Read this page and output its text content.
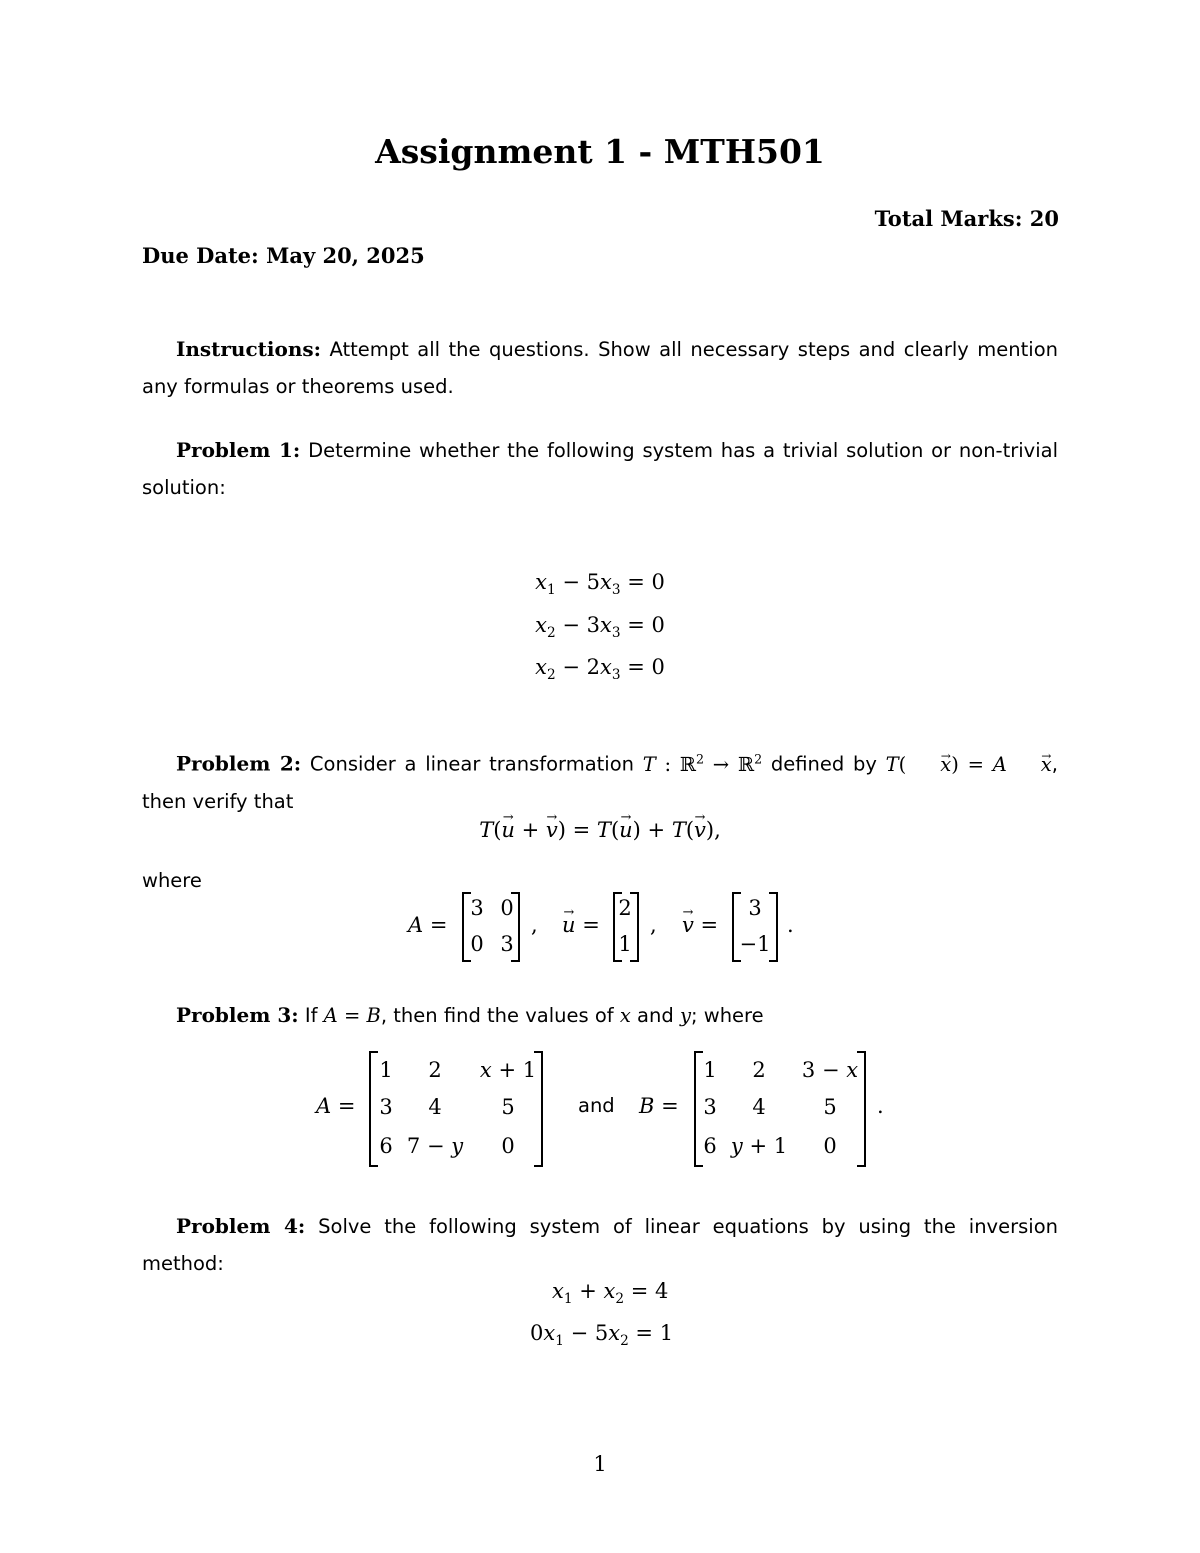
Assignment 1 - MTH501
Total Marks: 20
Due Date: May 20, 2025
Instructions: Attempt all the questions. Show all necessary steps and clearly mention any formulas or theorems used.
Problem 1: Determine whether the following system has a trivial solution or non-trivial solution:
$x_1 - 5x_3 = 0$
$x_2 - 3x_3 = 0$
$x_2 - 2x_3 = 0$
Problem 2: Consider a linear transformation T : ℝ$^2$ → ℝ$^2$ defined by T( → x) = A → x, then verify that
T(→ u + → v) = T(→ u) + T(→ v),
where
A =
3 0
0 3
, → u =
2
1
, → v =
3
−1
.
Problem 3: If A = B, then find the values of x and y; where
A =
1	2	x + 1
3	4	5
6 7 − y	0
and B =
1	2	3 − x
3	4	5
6 y + 1	0
.
Problem 4: Solve the following system of linear equations by using the inversion method:
$x_1 + x_2 = 4$
$0x_1 - 5x_2 = 1$
1
